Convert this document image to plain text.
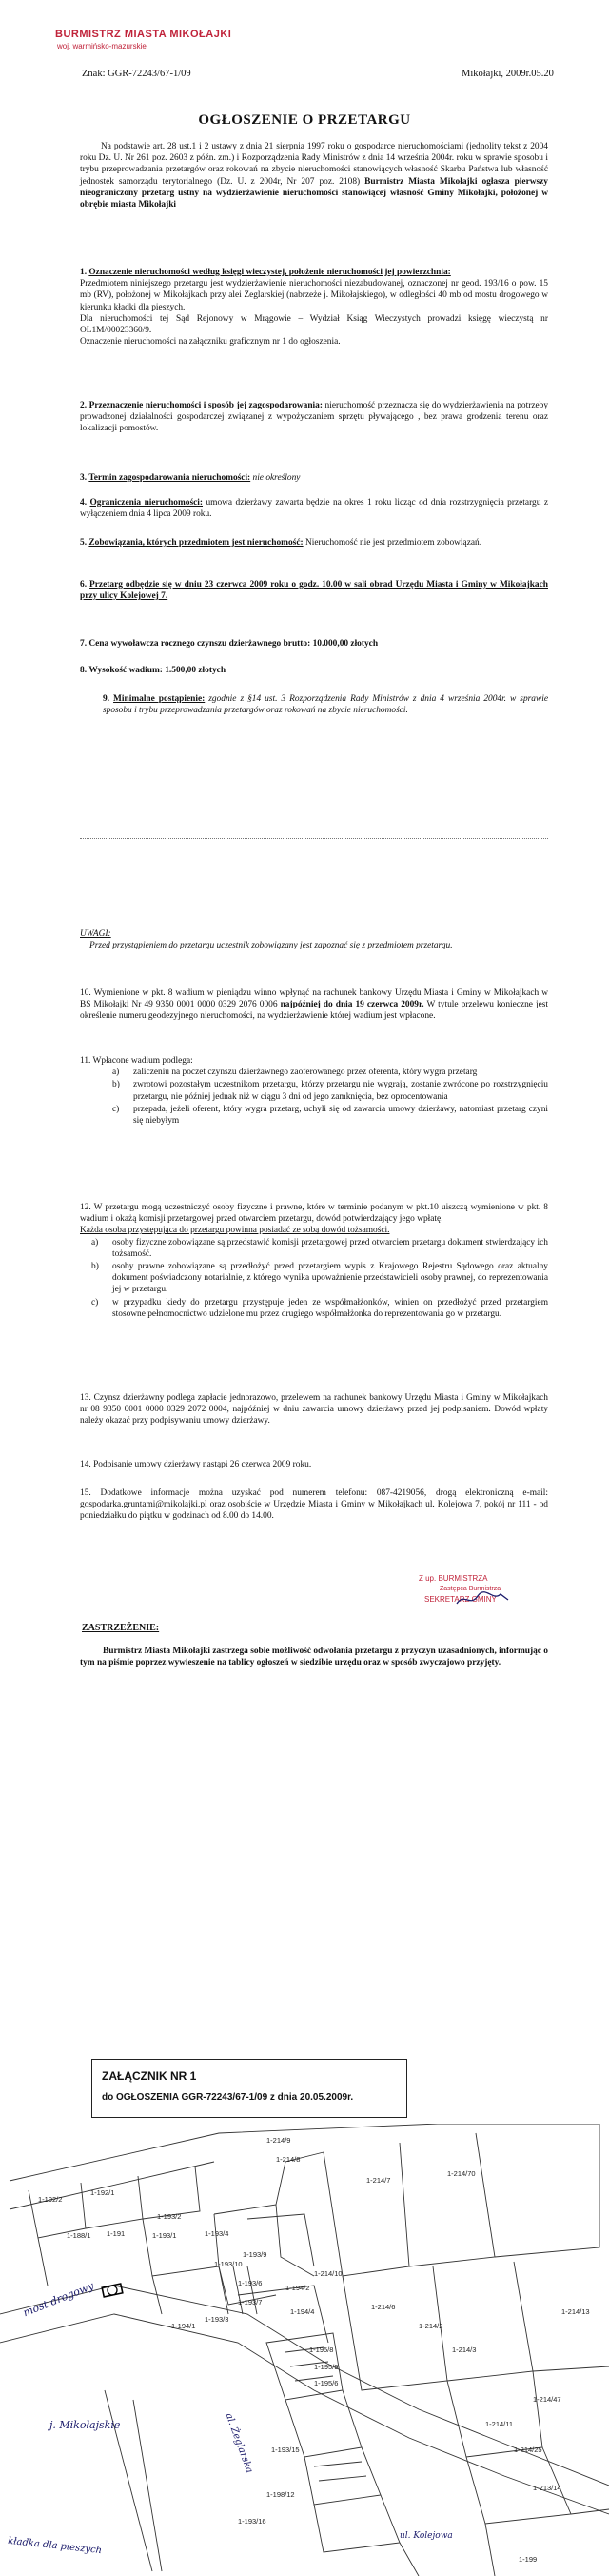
BURMISTRZ MIASTA MIKOŁAJKI
woj. warmińsko-mazurskie
Znak: GGR-72243/67-1/09	Mikołajki, 2009r.05.20
OGŁOSZENIE O PRZETARGU
Na podstawie art. 28 ust.1 i 2 ustawy z dnia 21 sierpnia 1997 roku o gospodarce nieruchomościami (jednolity tekst z 2004 roku Dz. U. Nr 261 poz. 2603 z późn. zm.) i Rozporządzenia Rady Ministrów z dnia 14 września 2004r. roku w sprawie sposobu i trybu przeprowadzania przetargów oraz rokowań na zbycie nieruchomości stanowiących własność Skarbu Państwa lub własność jednostek samorządu terytorialnego (Dz. U. z 2004r, Nr 207 poz. 2108) Burmistrz Miasta Mikołajki ogłasza pierwszy nieograniczony przetarg ustny na wydzierżawienie nieruchomości stanowiącej własność Gminy Mikołajki, położonej w obrębie miasta Mikołajki
1. Oznaczenie nieruchomości według księgi wieczystej, położenie nieruchomości jej powierzchnia:
Przedmiotem niniejszego przetargu jest wydzierżawienie nieruchomości niezabudowanej, oznaczonej nr geod. 193/16 o pow. 15 mb (RV), położonej w Mikołajkach przy alei Żeglarskiej (nabrzeże j. Mikołajskiego), w odległości 40 mb od mostu drogowego w kierunku kładki dla pieszych.
Dla nieruchomości tej Sąd Rejonowy w Mrągowie – Wydział Ksiąg Wieczystych prowadzi księgę wieczystą nr OL1M/00023360/9.
Oznaczenie nieruchomości na załączniku graficznym nr 1 do ogłoszenia.
2. Przeznaczenie nieruchomości i sposób jej zagospodarowania: nieruchomość przeznacza się do wydzierżawienia na potrzeby prowadzonej działalności gospodarczej związanej z wypożyczaniem sprzętu pływającego , bez prawa grodzenia terenu oraz lokalizacji pomostów.
3. Termin zagospodarowania nieruchomości: nie określony
4. Ograniczenia nieruchomości: umowa dzierżawy zawarta będzie na okres 1 roku licząc od dnia rozstrzygnięcia przetargu z wyłączeniem dnia 4 lipca 2009 roku.
5. Zobowiązania, których przedmiotem jest nieruchomość: Nieruchomość nie jest przedmiotem zobowiązań.
6. Przetarg odbędzie się w dniu 23 czerwca 2009 roku o godz. 10.00 w sali obrad Urzędu Miasta i Gminy w Mikołajkach przy ulicy Kolejowej 7.
7. Cena wywoławcza rocznego czynszu dzierżawnego brutto: 10.000,00 złotych
8. Wysokość wadium: 1.500,00 złotych
9. Minimalne postąpienie: zgodnie z §14 ust. 3 Rozporządzenia Rady Ministrów z dnia 4 września 2004r. w sprawie sposobu i trybu przeprowadzania przetargów oraz rokowań na zbycie nieruchomości.
UWAGI:
Przed przystąpieniem do przetargu uczestnik zobowiązany jest zapoznać się z przedmiotem przetargu.
10. Wymienione w pkt. 8 wadium w pieniądzu winno wpłynąć na rachunek bankowy Urzędu Miasta i Gminy w Mikołajkach w BS Mikołajki Nr 49 9350 0001 0000 0329 2076 0006 najpóźniej do dnia 19 czerwca 2009r. W tytule przelewu konieczne jest określenie numeru geodezyjnego nieruchomości, na wydzierżawienie której wadium jest wpłacone.
11. Wpłacone wadium podlega:
a) zaliczeniu na poczet czynszu dzierżawnego zaoferowanego przez oferenta, który wygra przetarg
b) zwrotowi pozostałym uczestnikom przetargu, którzy przetargu nie wygrają, zostanie zwrócone po rozstrzygnięciu przetargu, nie później jednak niż w ciągu 3 dni od jego zamknięcia, bez oprocentowania
c) przepada, jeżeli oferent, który wygra przetarg, uchyli się od zawarcia umowy dzierżawy, natomiast przetarg czyni się niebyłym
12. W przetargu mogą uczestniczyć osoby fizyczne i prawne, które w terminie podanym w pkt.10 uiszczą wymienione w pkt. 8 wadium i okażą komisji przetargowej przed otwarciem przetargu, dowód potwierdzający jego wpłatę.
Każda osoba przystępująca do przetargu powinna posiadać ze sobą dowód tożsamości.
a) osoby fizyczne zobowiązane są przedstawić komisji przetargowej przed otwarciem przetargu dokument stwierdzający ich tożsamość.
b) osoby prawne zobowiązane są przedłożyć przed przetargiem wypis z Krajowego Rejestru Sądowego oraz aktualny dokument poświadczony notarialnie, z którego wynika upoważnienie przedstawicieli osoby prawnej, do reprezentowania jej w przetargu.
c) w przypadku kiedy do przetargu przystępuje jeden ze współmałżonków, winien on przedłożyć przed przetargiem stosowne pełnomocnictwo udzielone mu przez drugiego współmałżonka do reprezentowania go w przetargu.
13. Czynsz dzierżawny podlega zapłacie jednorazowo, przelewem na rachunek bankowy Urzędu Miasta i Gminy w Mikołajkach nr 08 9350 0001 0000 0329 2072 0004, najpóźniej w dniu zawarcia umowy dzierżawy przed jej podpisaniem. Dowód wpłaty należy okazać przy podpisywaniu umowy dzierżawy.
14. Podpisanie umowy dzierżawy nastąpi 26 czerwca 2009 roku.
15. Dodatkowe informacje można uzyskać pod numerem telefonu: 087-4219056, drogą elektroniczną e-mail: gospodarka.gruntami@mikolajki.pl oraz osobiście w Urzędzie Miasta i Gminy w Mikołajkach ul. Kolejowa 7, pokój nr 111 - od poniedziałku do piątku w godzinach od 8.00 do 14.00.
Z up. BURMISTRZA
Zastępca Burmistrza
SEKRETARZ GMINY
ZASTRZEŻENIE:
Burmistrz Miasta Mikołajki zastrzega sobie możliwość odwołania przetargu z przyczyn uzasadnionych, informując o tym na piśmie poprzez wywieszenie na tablicy ogłoszeń w siedzibie urzędu oraz w sposób zwyczajowo przyjęty.
ZAŁĄCZNIK NR 1
do OGŁOSZENIA GGR-72243/67-1/09 z dnia 20.05.2009r.
1-192/2
1-192/1
1-188/1 1-191	1-193/1
1-193/2
1-193/4
1-193/10
1-193/9
1-193/6
1-193/7
1-193/3
1-194/1
1-194/2
1-194/4
1-195/8
1-195/9
1-195/6
1-214/9
1-214/8
1-214/7
1-214/70
1-214/6
1-214/2
1-214/3
1-214/10
1-214/13
1-214/47
1-214/11
1-214/25
1-213/14
1-193/15
1-198/12
1-199
1-193/16
most drogowy
j. Mikołajskie
kładka dla pieszych
al. Żeglarska
ul. Kolejowa
